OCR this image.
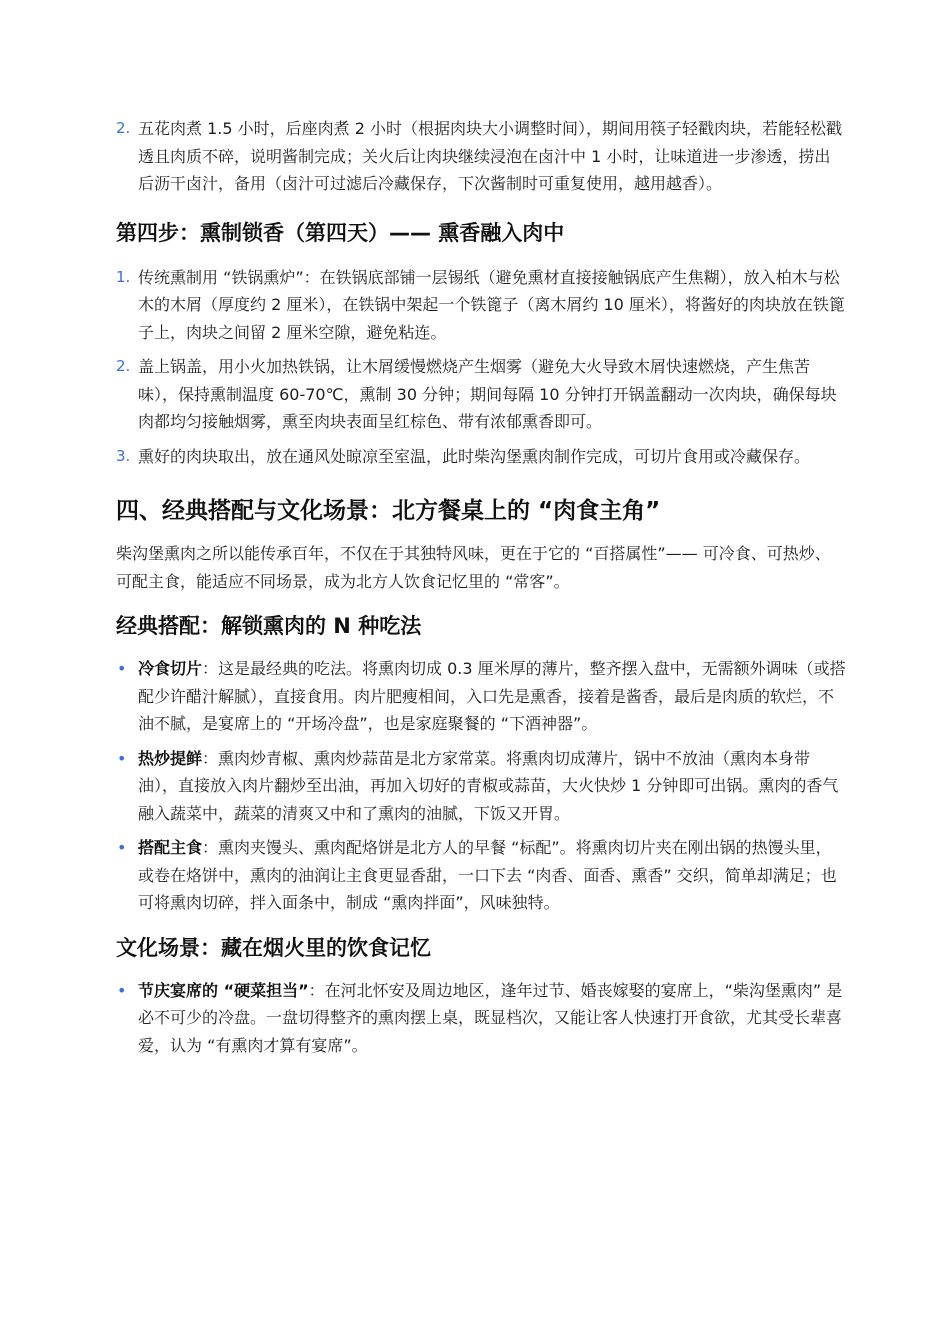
2. 五花肉煮 1.5 小时，后座肉煮 2 小时（根据肉块大小调整时间），期间用筷子轻戳肉块，若能轻松戳透且肉质不碎，说明酱制完成；关火后让肉块继续浸泡在卤汁中 1 小时，让味道进一步渗透，捞出后沥干卤汁，备用（卤汁可过滤后冷藏保存，下次酱制时可重复使用，越用越香）。
第四步：熏制锁香（第四天）—— 熏香融入肉中
1. 传统熏制用 “铁锅熏炉”：在铁锅底部铺一层锡纸（避免熏材直接接触锅底产生焦糊），放入柏木与松木的木屑（厚度约 2 厘米），在铁锅中架起一个铁篦子（离木屑约 10 厘米），将酱好的肉块放在铁篦子上，肉块之间留 2 厘米空隙，避免粘连。
2. 盖上锅盖，用小火加热铁锅，让木屑缓慢燃烧产生烟雾（避免大火导致木屑快速燃烧，产生焦苦味），保持熏制温度 60-70℃，熏制 30 分钟；期间每隔 10 分钟打开锅盖翻动一次肉块，确保每块肉都均匀接触烟雾，熏至肉块表面呈红棕色、带有浓郁熏香即可。
3. 熏好的肉块取出，放在通风处晾凉至室温，此时柴沟堡熏肉制作完成，可切片食用或冷藏保存。
四、经典搭配与文化场景：北方餐桌上的 “肉食主角”

柴沟堡熏肉之所以能传承百年，不仅在于其独特风味，更在于它的 “百搭属性”—— 可冷食、可热炒、可配主食，能适应不同场景，成为北方人饮食记忆里的 “常客”。

经典搭配：解锁熏肉的 N 种吃法
• 冷食切片：这是最经典的吃法。将熏肉切成 0.3 厘米厚的薄片，整齐摆入盘中，无需额外调味（或搭配少许醋汁解腻），直接食用。肉片肥瘦相间，入口先是熏香，接着是酱香，最后是肉质的软烂，不油不腻，是宴席上的 “开场冷盘”，也是家庭聚餐的 “下酒神器”。
• 热炒提鲜：熏肉炒青椒、熏肉炒蒜苗是北方家常菜。将熏肉切成薄片，锅中不放油（熏肉本身带油），直接放入肉片翻炒至出油，再加入切好的青椒或蒜苗，大火快炒 1 分钟即可出锅。熏肉的香气融入蔬菜中，蔬菜的清爽又中和了熏肉的油腻，下饭又开胃。
• 搭配主食：熏肉夹馒头、熏肉配烙饼是北方人的早餐 “标配”。将熏肉切片夹在刚出锅的热馒头里，或卷在烙饼中，熏肉的油润让主食更显香甜，一口下去 “肉香、面香、熏香” 交织，简单却满足；也可将熏肉切碎，拌入面条中，制成 “熏肉拌面”，风味独特。
文化场景：藏在烟火里的饮食记忆
• 节庆宴席的 “硬菜担当”：在河北怀安及周边地区，逢年过节、婚丧嫁娶的宴席上，“柴沟堡熏肉” 是必不可少的冷盘。一盘切得整齐的熏肉摆上桌，既显档次，又能让客人快速打开食欲，尤其受长辈喜爱，认为 “有熏肉才算有宴席”。
